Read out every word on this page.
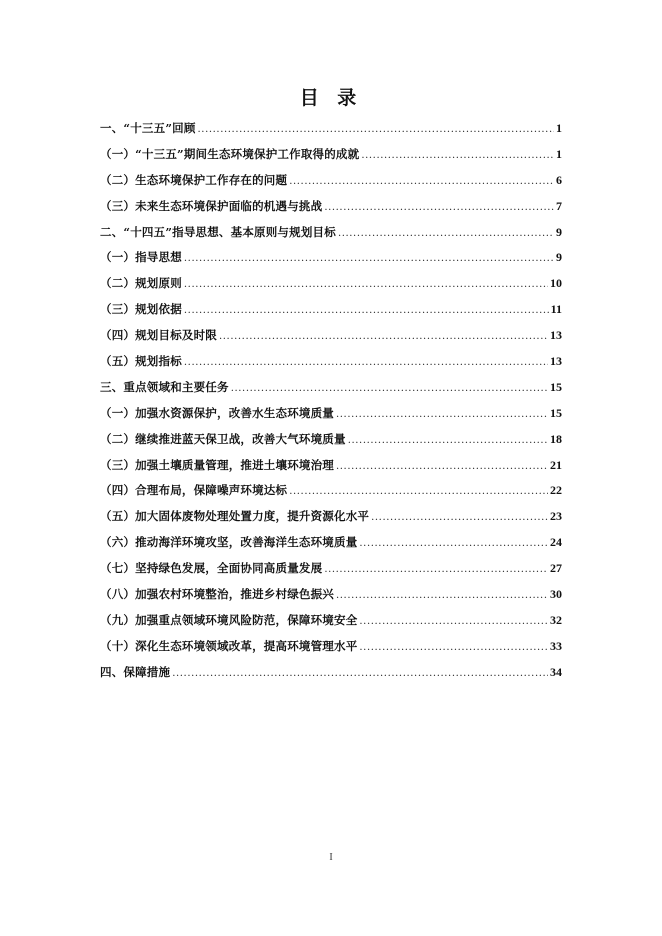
目 录
一、“十三五”回顾 .....	1
（一）“十三五”期间生态环境保护工作取得的成就 .....	1
（二）生态环境保护工作存在的问题 .....	6
（三）未来生态环境保护面临的机遇与挑战 .....	7
二、“十四五”指导思想、基本原则与规划目标 .....	9
（一）指导思想 .....	9
（二）规划原则 .....	10
（三）规划依据 .....	11
（四）规划目标及时限 .....	13
（五）规划指标 .....	13
三、重点领域和主要任务 .....	15
（一）加强水资源保护，改善水生态环境质量 .....	15
（二）继续推进蓝天保卫战，改善大气环境质量 .....	18
（三）加强土壤质量管理，推进土壤环境治理 .....	21
（四）合理布局，保障噪声环境达标 .....	22
（五）加大固体废物处理处置力度，提升资源化水平 .....	23
（六）推动海洋环境攻坚，改善海洋生态环境质量 .....	24
（七）坚持绿色发展，全面协同高质量发展 .....	27
（八）加强农村环境整治，推进乡村绿色振兴 .....	30
（九）加强重点领域环境风险防范，保障环境安全 .....	32
（十）深化生态环境领域改革，提高环境管理水平 .....	33
四、保障措施 .....	34
I
